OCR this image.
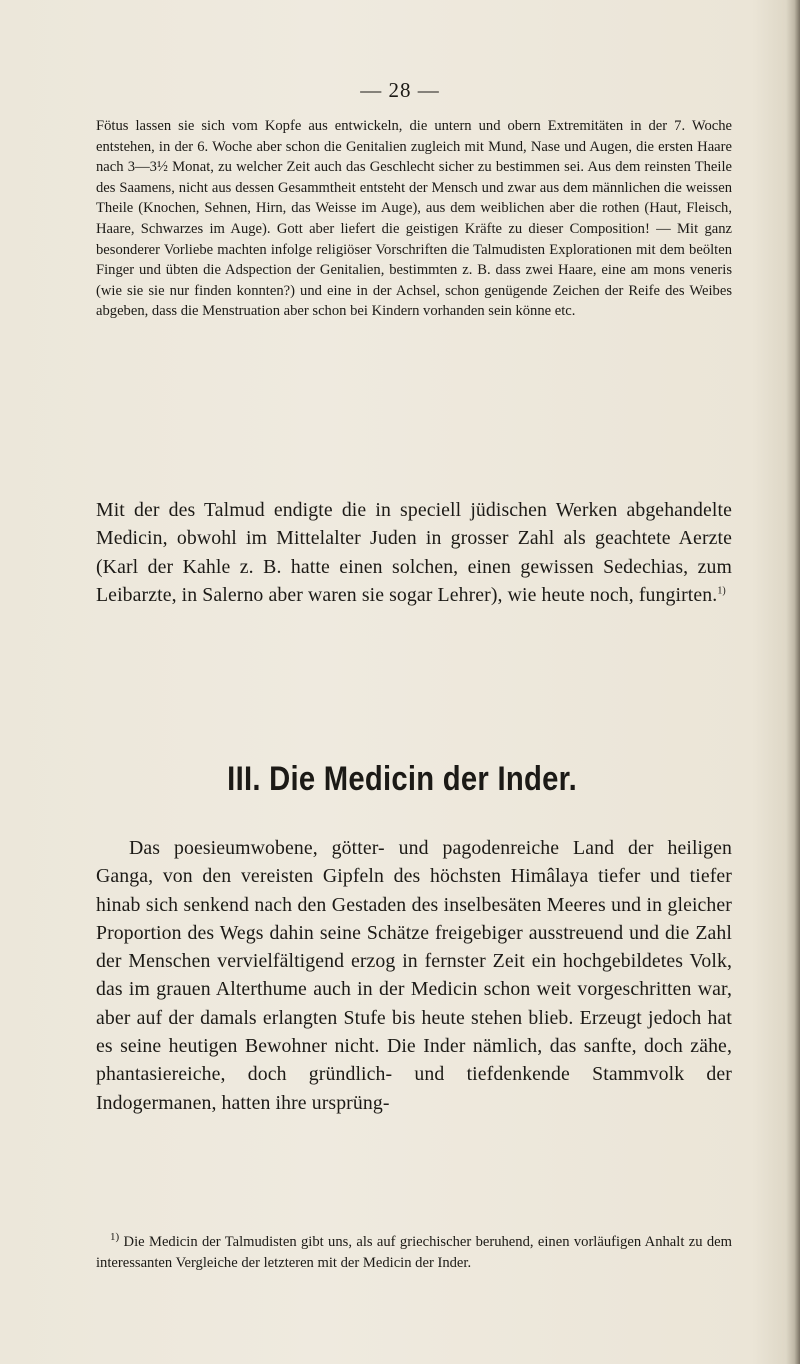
— 28 —

Fötus lassen sie sich vom Kopfe aus entwickeln, die untern und obern Extremitäten in der 7. Woche entstehen, in der 6. Woche aber schon die Genitalien zugleich mit Mund, Nase und Augen, die ersten Haare nach 3—3½ Monat, zu welcher Zeit auch das Geschlecht sicher zu bestimmen sei. Aus dem reinsten Theile des Saamens, nicht aus dessen Gesammtheit entsteht der Mensch und zwar aus dem männlichen die weissen Theile (Knochen, Sehnen, Hirn, das Weisse im Auge), aus dem weiblichen aber die rothen (Haut, Fleisch, Haare, Schwarzes im Auge). Gott aber liefert die geistigen Kräfte zu dieser Composition! — Mit ganz besonderer Vorliebe machten infolge religiöser Vorschriften die Talmudisten Explorationen mit dem beölten Finger und übten die Adspection der Genitalien, bestimmten z. B. dass zwei Haare, eine am mons veneris (wie sie sie nur finden konnten?) und eine in der Achsel, schon genügende Zeichen der Reife des Weibes abgeben, dass die Menstruation aber schon bei Kindern vorhanden sein könne etc.

Mit der des Talmud endigte die in speciell jüdischen Werken abgehandelte Medicin, obwohl im Mittelalter Juden in grosser Zahl als geachtete Aerzte (Karl der Kahle z. B. hatte einen solchen, einen gewissen Sedechias, zum Leibarzte, in Salerno aber waren sie sogar Lehrer), wie heute noch, fungirten.$^{1)}$

III. Die Medicin der Inder.

Das poesieumwobene, götter- und pagodenreiche Land der heiligen Ganga, von den vereisten Gipfeln des höchsten Himâlaya tiefer und tiefer hinab sich senkend nach den Gestaden des inselbesäten Meeres und in gleicher Proportion des Wegs dahin seine Schätze freigebiger ausstreuend und die Zahl der Menschen vervielfältigend erzog in fernster Zeit ein hochgebildetes Volk, das im grauen Alterthume auch in der Medicin schon weit vorgeschritten war, aber auf der damals erlangten Stufe bis heute stehen blieb. Erzeugt jedoch hat es seine heutigen Bewohner nicht. Die Inder nämlich, das sanfte, doch zähe, phantasiereiche, doch gründlich- und tiefdenkende Stammvolk der Indogermanen, hatten ihre ursprüng-

$^{1)}$ Die Medicin der Talmudisten gibt uns, als auf griechischer beruhend, einen vorläufigen Anhalt zu dem interessanten Vergleiche der letzteren mit der Medicin der Inder.
